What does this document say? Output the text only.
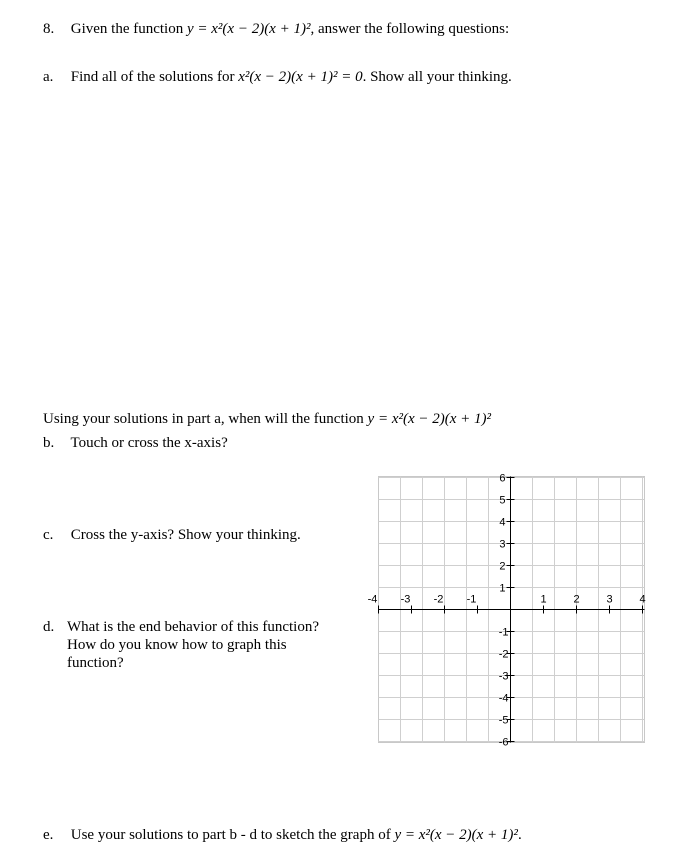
8. Given the function y = x²(x − 2)(x + 1)², answer the following questions:
a. Find all of the solutions for x²(x − 2)(x + 1)² = 0. Show all your thinking.
Using your solutions in part a, when will the function y = x²(x − 2)(x + 1)²
b. Touch or cross the x-axis?
c. Cross the y-axis? Show your thinking.
d. What is the end behavior of this function?
How do you know how to graph this
function?
-4 -3 -2 -1	1 2 3 4
6
5
4
3
2
1
-1
-2
-3
-4
-5
-6
e. Use your solutions to part b - d to sketch the graph of y = x²(x − 2)(x + 1)².
